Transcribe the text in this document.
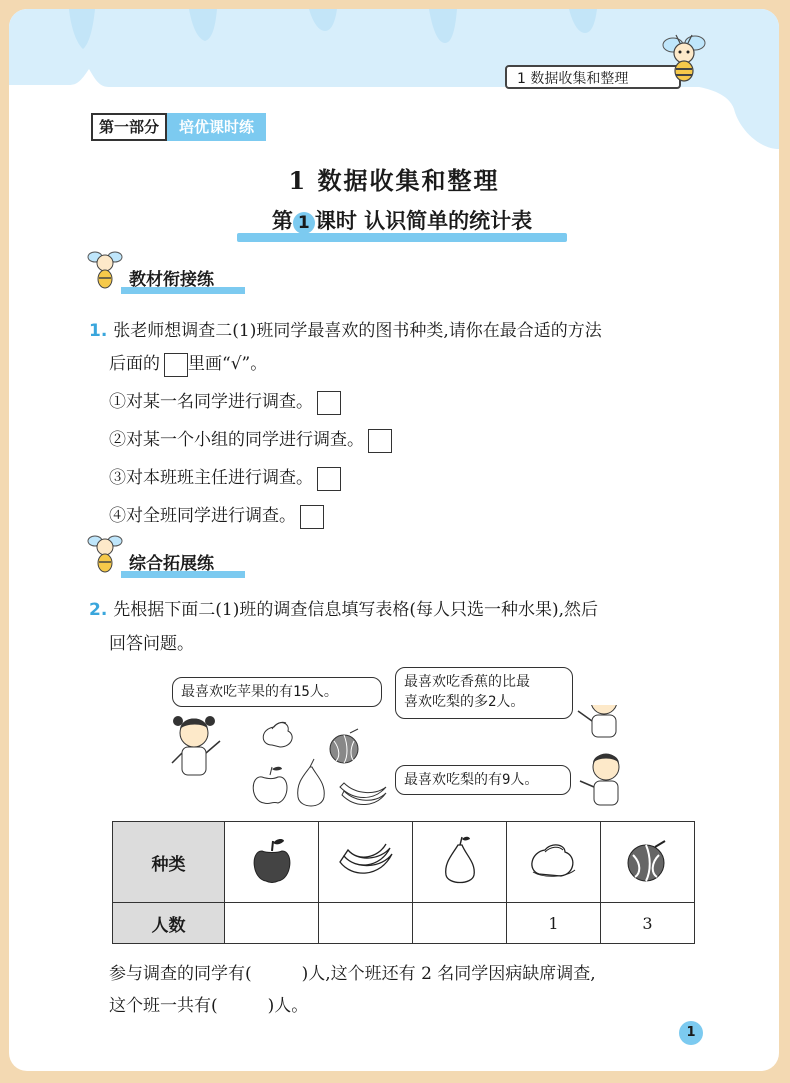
1 数据收集和整理
第一部分	培优课时练
1 数据收集和整理
第 1 课时 认识简单的统计表
教材衔接练
1. 张老师想调查二(1)班同学最喜欢的图书种类,请你在最合适的方法
后面的 里画“√”。
①对某一名同学进行调查。
②对某一个小组的同学进行调查。
③对本班班主任进行调查。
④对全班同学进行调查。
综合拓展练
2. 先根据下面二(1)班的调查信息填写表格(每人只选一种水果),然后
回答问题。
最喜欢吃苹果的有15人。
最喜欢吃香蕉的比最
喜欢吃梨的多2人。
最喜欢吃梨的有9人。
种类					
人数				1	3
参与调查的同学有(	)人,这个班还有 2 名同学因病缺席调查,
这个班一共有(	)人。
1
